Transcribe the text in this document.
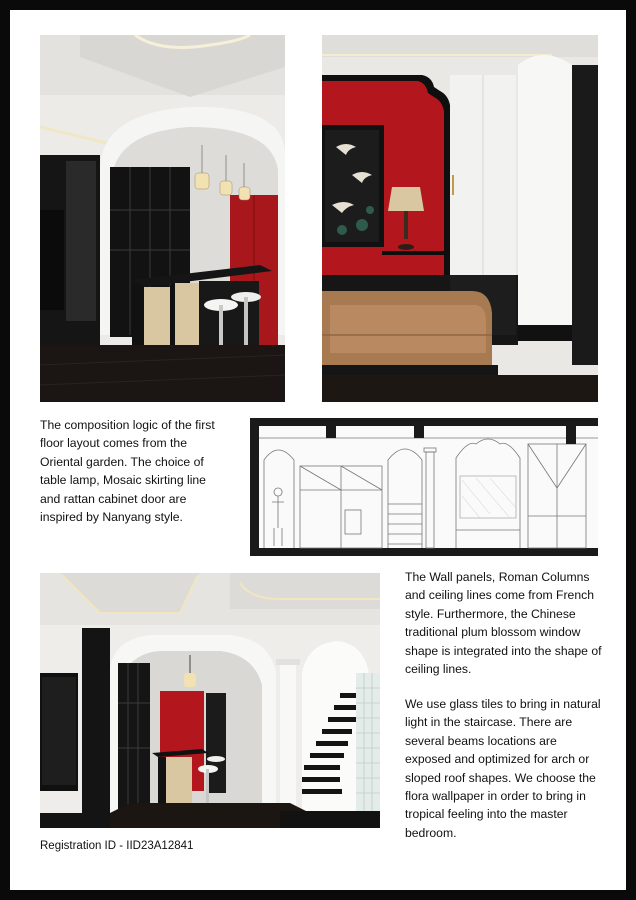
The composition logic of the first floor layout comes from the Oriental garden. The choice of table lamp, Mosaic skirting line and rattan cabinet door are inspired by Nanyang style.

The Wall panels, Roman Columns and ceiling lines come from French style. Furthermore, the Chinese traditional plum blossom window shape is integrated into the shape of ceiling lines.

We use glass tiles to bring in natural light in the staircase. There are several beams locations are exposed and optimized for arch or sloped roof shapes. We choose the flora wallpaper in order to bring in tropical feeling into the master bedroom.

Registration ID - IID23A12841
